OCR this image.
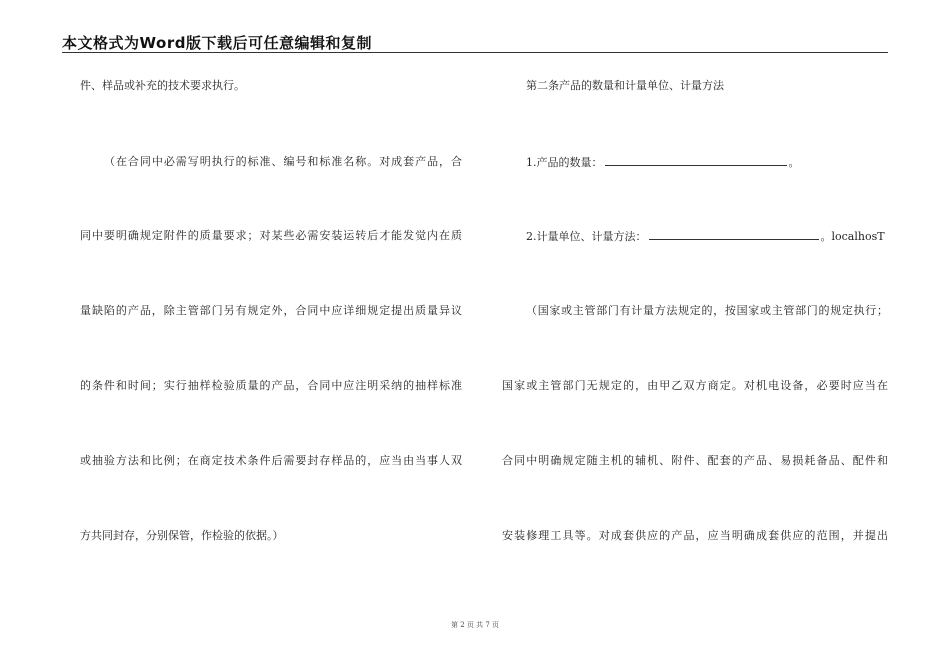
本文格式为Word版下载后可任意编辑和复制
件、样品或补充的技术要求执行。
（在合同中必需写明执行的标准、编号和标准名称。对成套产品，合
同中要明确规定附件的质量要求；对某些必需安装运转后才能发觉内在质
量缺陷的产品，除主管部门另有规定外，合同中应详细规定提出质量异议
的条件和时间；实行抽样检验质量的产品，合同中应注明采纳的抽样标准
或抽验方法和比例；在商定技术条件后需要封存样品的，应当由当事人双
方共同封存，分别保管，作检验的依据。）
第二条产品的数量和计量单位、计量方法
1.产品的数量：	。
2.计量单位、计量方法：	。localhosT
（国家或主管部门有计量方法规定的，按国家或主管部门的规定执行；
国家或主管部门无规定的，由甲乙双方商定。对机电设备，必要时应当在
合同中明确规定随主机的辅机、附件、配套的产品、易损耗备品、配件和
安装修理工具等。对成套供应的产品，应当明确成套供应的范围，并提出
第 2 页 共 7 页
